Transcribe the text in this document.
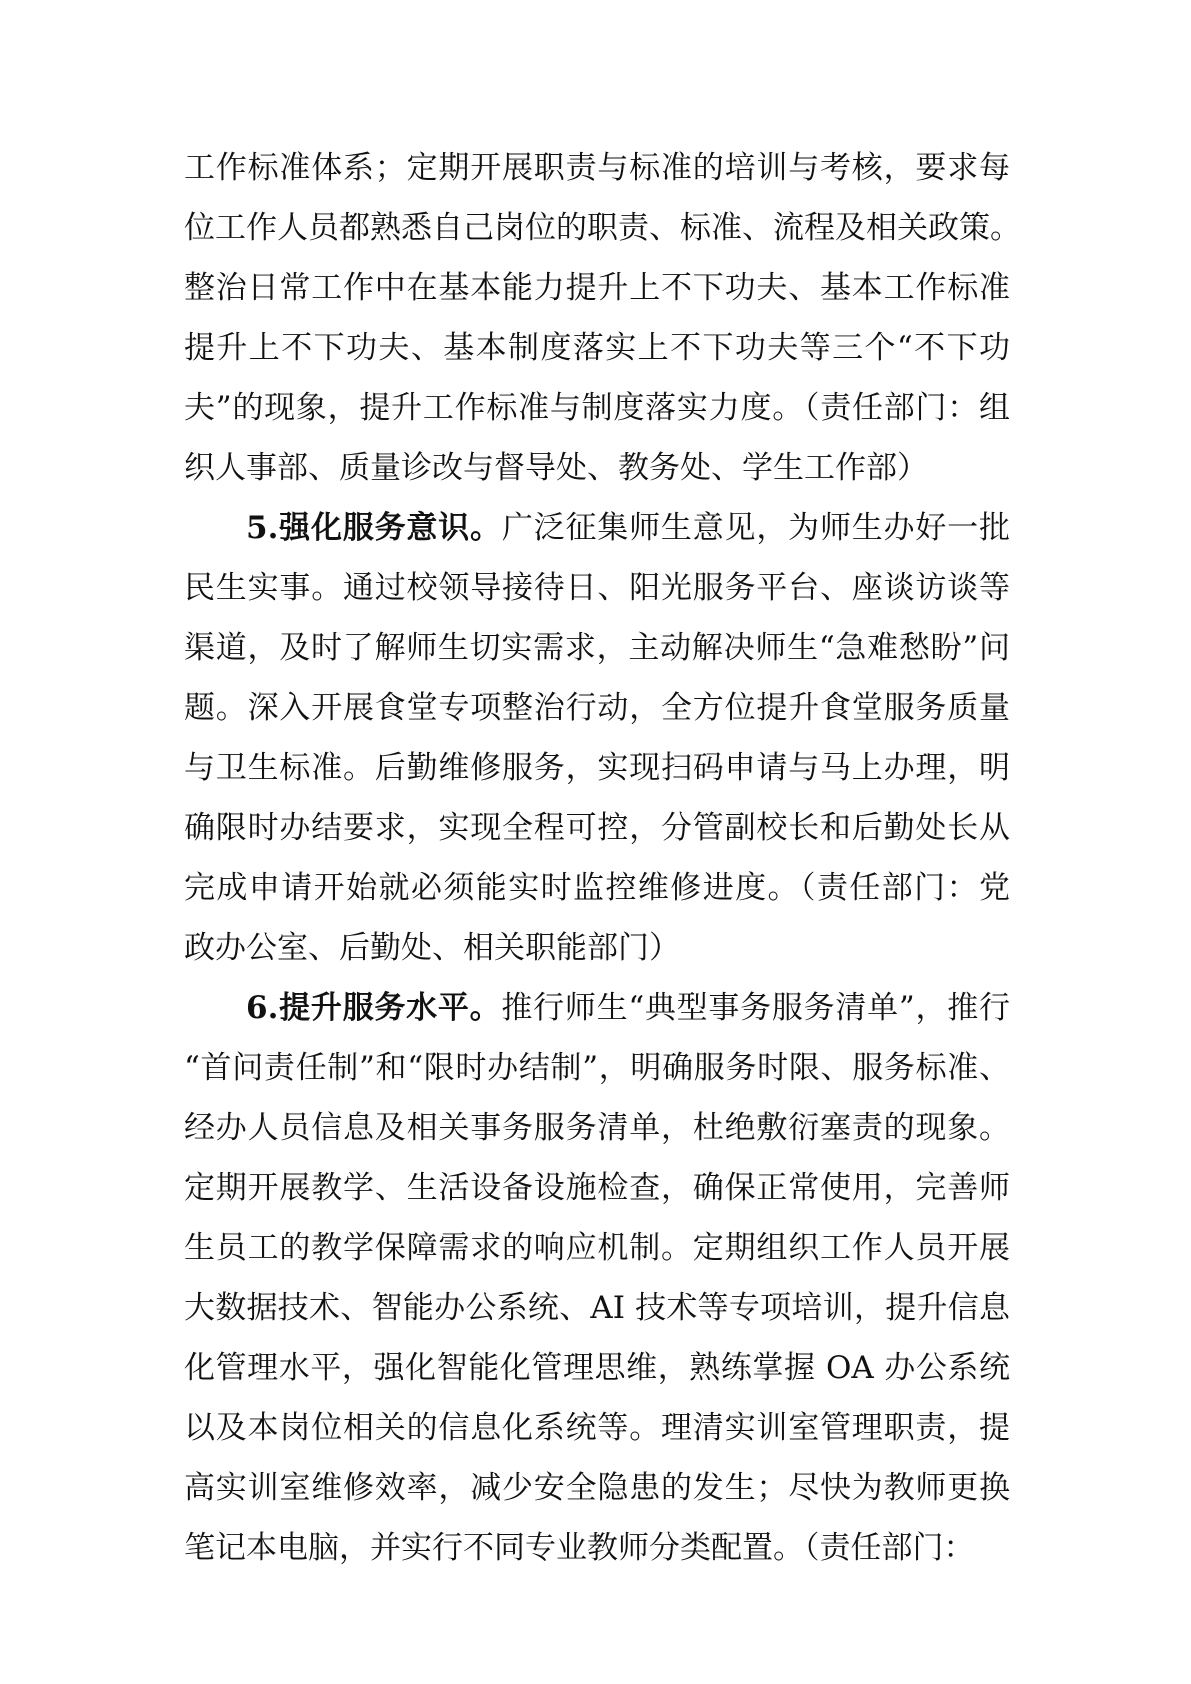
工作标准体系；定期开展职责与标准的培训与考核，要求每
位工作人员都熟悉自己岗位的职责、标准、流程及相关政策。
整治日常工作中在基本能力提升上不下功夫、基本工作标准
提升上不下功夫、基本制度落实上不下功夫等三个“不下功
夫”的现象，提升工作标准与制度落实力度。（责任部门：组
织人事部、质量诊改与督导处、教务处、学生工作部）
5.强化服务意识。广泛征集师生意见，为师生办好一批
民生实事。通过校领导接待日、阳光服务平台、座谈访谈等
渠道，及时了解师生切实需求，主动解决师生“急难愁盼”问
题。深入开展食堂专项整治行动，全方位提升食堂服务质量
与卫生标准。后勤维修服务，实现扫码申请与马上办理，明
确限时办结要求，实现全程可控，分管副校长和后勤处长从
完成申请开始就必须能实时监控维修进度。（责任部门：党
政办公室、后勤处、相关职能部门）
6.提升服务水平。推行师生“典型事务服务清单”，推行
“首问责任制”和“限时办结制”，明确服务时限、服务标准、
经办人员信息及相关事务服务清单，杜绝敷衍塞责的现象。
定期开展教学、生活设备设施检查，确保正常使用，完善师
生员工的教学保障需求的响应机制。定期组织工作人员开展
大数据技术、智能办公系统、AI 技术等专项培训，提升信息
化管理水平，强化智能化管理思维，熟练掌握 OA 办公系统
以及本岗位相关的信息化系统等。理清实训室管理职责，提
高实训室维修效率，减少安全隐患的发生；尽快为教师更换
笔记本电脑，并实行不同专业教师分类配置。（责任部门：
